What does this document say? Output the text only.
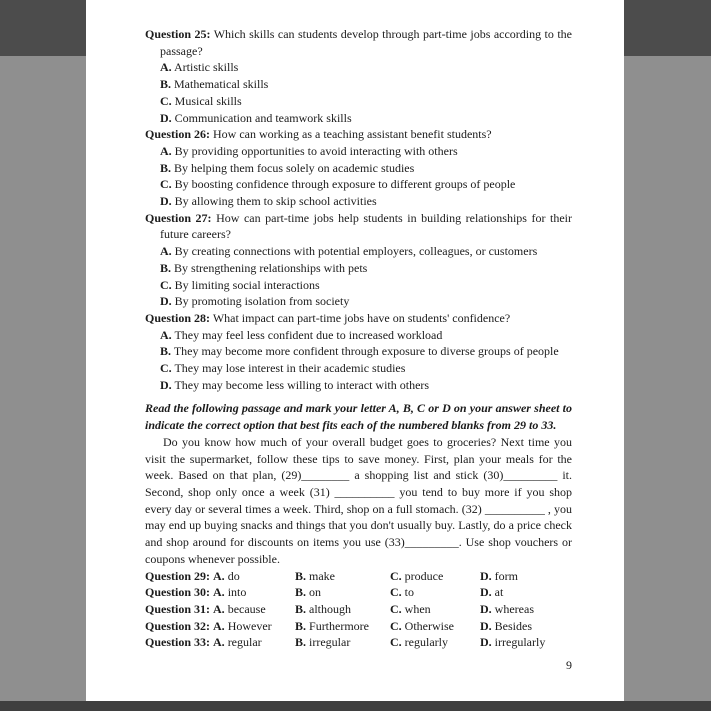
Question 25: Which skills can students develop through part-time jobs according to the passage?

A. Artistic skills

B. Mathematical skills

C. Musical skills

D. Communication and teamwork skills

Question 26: How can working as a teaching assistant benefit students?

A. By providing opportunities to avoid interacting with others

B. By helping them focus solely on academic studies

C. By boosting confidence through exposure to different groups of people

D. By allowing them to skip school activities

Question 27: How can part-time jobs help students in building relationships for their future careers?

A. By creating connections with potential employers, colleagues, or customers

B. By strengthening relationships with pets

C. By limiting social interactions

D. By promoting isolation from society

Question 28: What impact can part-time jobs have on students' confidence?

A. They may feel less confident due to increased workload

B. They may become more confident through exposure to diverse groups of people

C. They may lose interest in their academic studies

D. They may become less willing to interact with others

Read the following passage and mark your letter A, B, C or D on your answer sheet to indicate the correct option that best fits each of the numbered blanks from 29 to 33.

Do you know how much of your overall budget goes to groceries? Next time you visit the supermarket, follow these tips to save money. First, plan your meals for the week. Based on that plan, (29)________ a shopping list and stick (30)_________ it. Second, shop only once a week (31) __________ you tend to buy more if you shop every day or several times a week. Third, shop on a full stomach. (32) __________ , you may end up buying snacks and things that you don't usually buy. Lastly, do a price check and shop around for discounts on items you use (33)_________. Use shop vouchers or coupons whenever possible.

Question 29: A. do	B. make	C. produce	D. form
Question 30: A. into	B. on	C. to	D. at
Question 31: A. because	B. although	C. when	D. whereas
Question 32: A. However	B. Furthermore	C. Otherwise	D. Besides
Question 33: A. regular	B. irregular	C. regularly	D. irregularly
9
